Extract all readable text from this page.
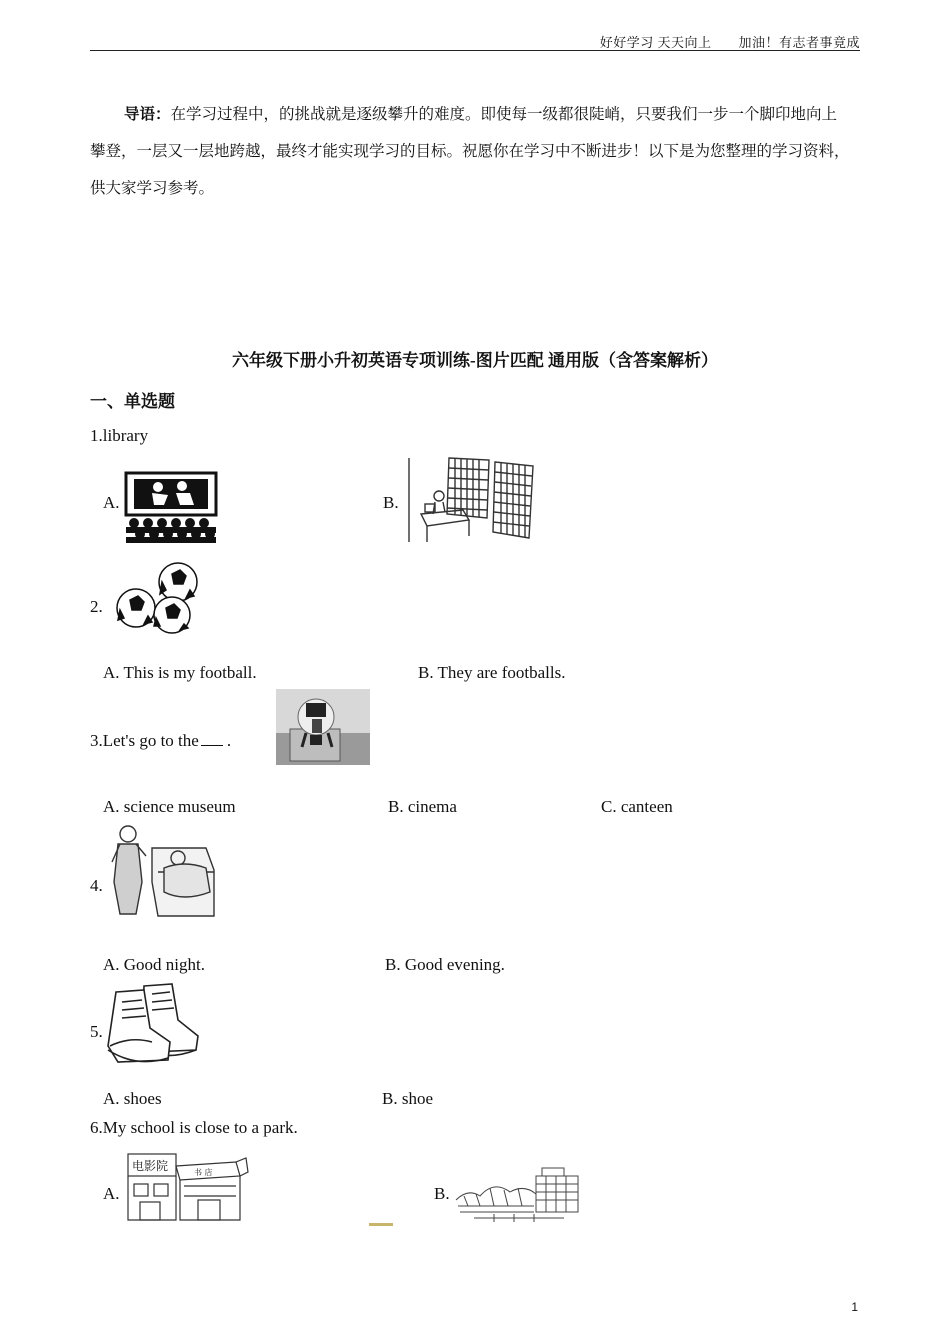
好好学习 天天向上　　加油！有志者事竟成
导语：在学习过程中，的挑战就是逐级攀升的难度。即使每一级都很陡峭，只要我们一步一个脚印地向上攀登，一层又一层地跨越，最终才能实现学习的目标。祝愿你在学习中不断进步！以下是为您整理的学习资料，供大家学习参考。
六年级下册小升初英语专项训练-图片匹配 通用版（含答案解析）
一、单选题
1.library
A.	B.
2.
A. This is my football.	B. They are footballs.
3.Let's go to the .
A. science museum	B. cinema	C. canteen
4.
A. Good night.	B. Good evening.
5.
A. shoes	B. shoe
6.My school is close to a park.
A.
电影院	书 店
B.
1
